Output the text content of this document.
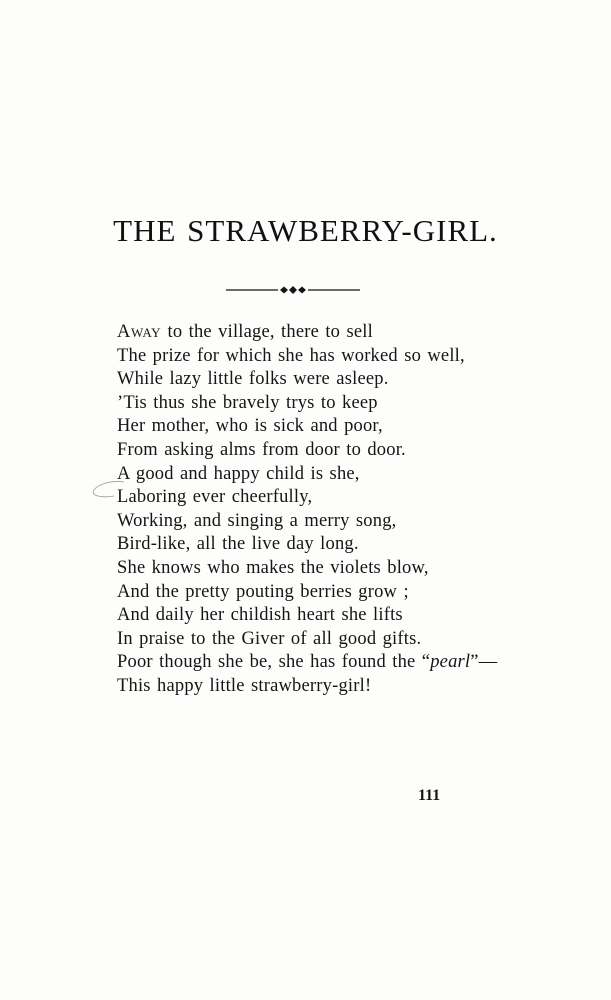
THE STRAWBERRY-GIRL.
Away to the village, there to sell
The prize for which she has worked so well,
While lazy little folks were asleep.
’Tis thus she bravely trys to keep
Her mother, who is sick and poor,
From asking alms from door to door.
A good and happy child is she,
Laboring ever cheerfully,
Working, and singing a merry song,
Bird-like, all the live day long.
She knows who makes the violets blow,
And the pretty pouting berries grow ;
And daily her childish heart she lifts
In praise to the Giver of all good gifts.
Poor though she be, she has found the “pearl”—
This happy little strawberry-girl!
111
